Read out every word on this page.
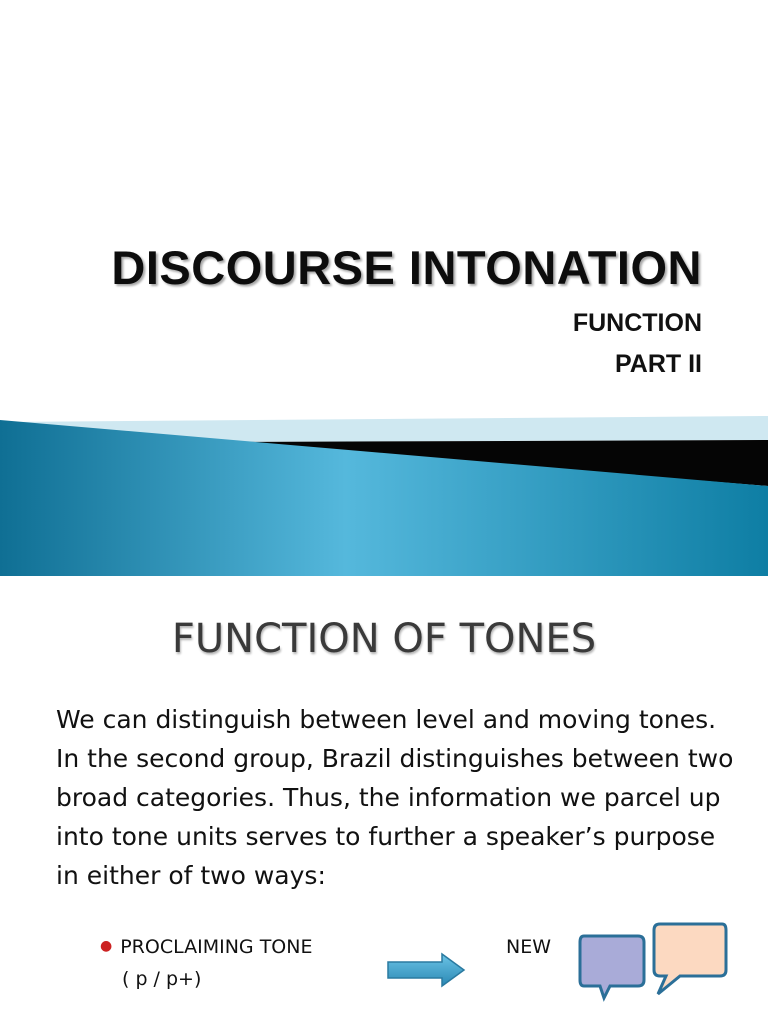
DISCOURSE INTONATION
FUNCTION
PART II
FUNCTION OF TONES

We can distinguish between level and moving tones. In the second group, Brazil distinguishes between two broad categories. Thus, the information we parcel up into tone units serves to further a speaker’s purpose in either of two ways:

● PROCLAIMING TONE
( p / p+)
NEW
